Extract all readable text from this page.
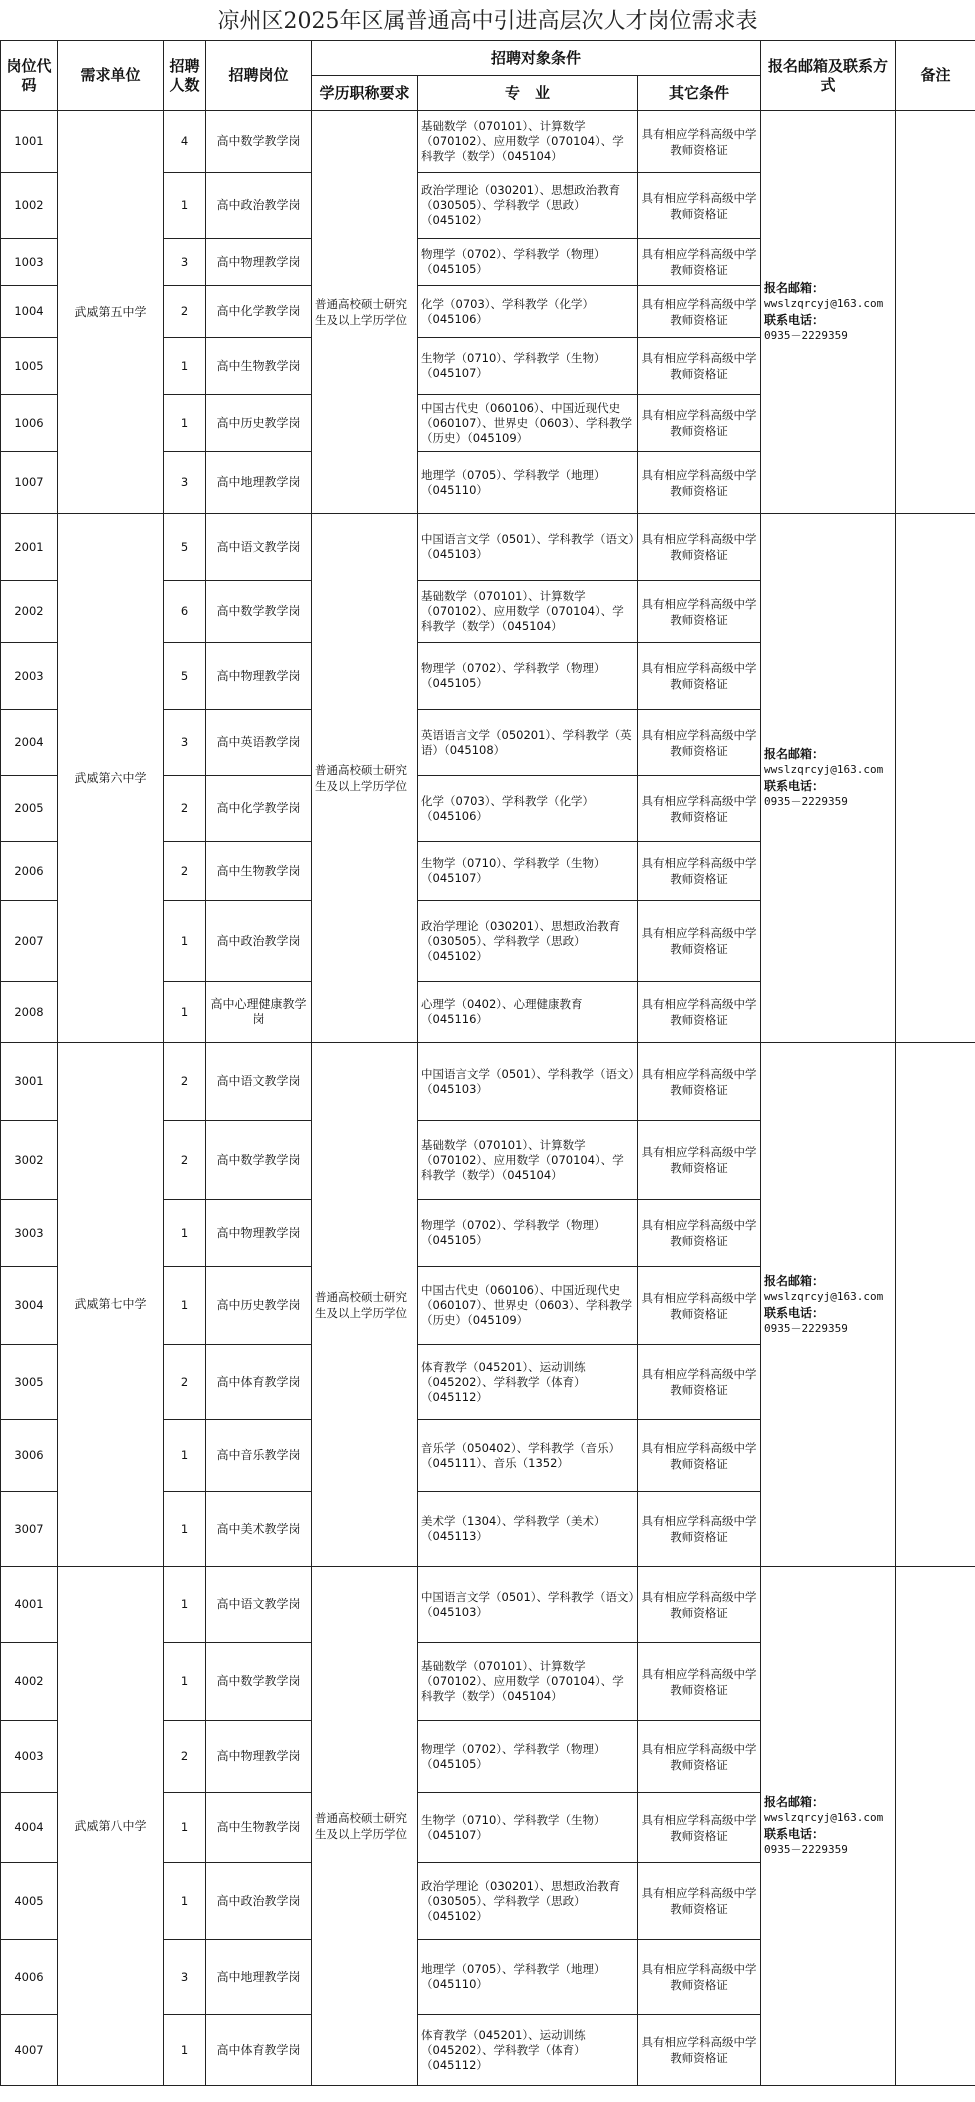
凉州区2025年区属普通高中引进高层次人才岗位需求表
岗位代码	需求单位	招聘人数	招聘岗位	招聘对象条件			报名邮箱及联系方式	备注
				学历职称要求	专　业	其它条件		
1001	武威第五中学	4	高中数学教学岗	普通高校硕士研究生及以上学历学位	基础数学（070101）、计算数学（070102）、应用数学（070104）、学科教学（数学）（045104）	具有相应学科高级中学教师资格证	报名邮箱：
wwslzqrcyj@163.com
联系电话：
0935－2229359	

1002		1	高中政治教学岗		政治学理论（030201）、思想政治教育（030505）、学科教学（思政）（045102）	具有相应学科高级中学教师资格证		
1003		3	高中物理教学岗		物理学（0702）、学科教学（物理）（045105）	具有相应学科高级中学教师资格证		
1004		2	高中化学教学岗		化学（0703）、学科教学（化学）（045106）	具有相应学科高级中学教师资格证		
1005		1	高中生物教学岗		生物学（0710）、学科教学（生物）（045107）	具有相应学科高级中学教师资格证		
1006		1	高中历史教学岗		中国古代史（060106）、中国近现代史（060107）、世界史（0603）、学科教学（历史）（045109）	具有相应学科高级中学教师资格证		
1007		3	高中地理教学岗		地理学（0705）、学科教学（地理）（045110）	具有相应学科高级中学教师资格证		
2001	武威第六中学	5	高中语文教学岗	普通高校硕士研究生及以上学历学位	中国语言文学（0501）、学科教学（语文）（045103）	具有相应学科高级中学教师资格证	报名邮箱：
wwslzqrcyj@163.com
联系电话：
0935－2229359	

2002		6	高中数学教学岗		基础数学（070101）、计算数学（070102）、应用数学（070104）、学科教学（数学）（045104）	具有相应学科高级中学教师资格证		
2003		5	高中物理教学岗		物理学（0702）、学科教学（物理）（045105）	具有相应学科高级中学教师资格证		
2004		3	高中英语教学岗		英语语言文学（050201）、学科教学（英语）（045108）	具有相应学科高级中学教师资格证		
2005		2	高中化学教学岗		化学（0703）、学科教学（化学）（045106）	具有相应学科高级中学教师资格证		
2006		2	高中生物教学岗		生物学（0710）、学科教学（生物）（045107）	具有相应学科高级中学教师资格证		
2007		1	高中政治教学岗		政治学理论（030201）、思想政治教育（030505）、学科教学（思政）（045102）	具有相应学科高级中学教师资格证		
2008		1	高中心理健康教学岗		心理学（0402）、心理健康教育（045116）	具有相应学科高级中学教师资格证		
3001	武威第七中学	2	高中语文教学岗	普通高校硕士研究生及以上学历学位	中国语言文学（0501）、学科教学（语文）（045103）	具有相应学科高级中学教师资格证	报名邮箱：
wwslzqrcyj@163.com
联系电话：
0935－2229359	

3002		2	高中数学教学岗		基础数学（070101）、计算数学（070102）、应用数学（070104）、学科教学（数学）（045104）	具有相应学科高级中学教师资格证		
3003		1	高中物理教学岗		物理学（0702）、学科教学（物理）（045105）	具有相应学科高级中学教师资格证		
3004		1	高中历史教学岗		中国古代史（060106）、中国近现代史（060107）、世界史（0603）、学科教学（历史）（045109）	具有相应学科高级中学教师资格证		
3005		2	高中体育教学岗		体育教学（045201）、运动训练（045202）、学科教学（体育）（045112）	具有相应学科高级中学教师资格证		
3006		1	高中音乐教学岗		音乐学（050402）、学科教学（音乐）（045111）、音乐（1352）	具有相应学科高级中学教师资格证		
3007		1	高中美术教学岗		美术学（1304）、学科教学（美术）（045113）	具有相应学科高级中学教师资格证		
4001	武威第八中学	1	高中语文教学岗	普通高校硕士研究生及以上学历学位	中国语言文学（0501）、学科教学（语文）（045103）	具有相应学科高级中学教师资格证	报名邮箱：
wwslzqrcyj@163.com
联系电话：
0935－2229359	

4002		1	高中数学教学岗		基础数学（070101）、计算数学（070102）、应用数学（070104）、学科教学（数学）（045104）	具有相应学科高级中学教师资格证		
4003		2	高中物理教学岗		物理学（0702）、学科教学（物理）（045105）	具有相应学科高级中学教师资格证		
4004		1	高中生物教学岗		生物学（0710）、学科教学（生物）（045107）	具有相应学科高级中学教师资格证		
4005		1	高中政治教学岗		政治学理论（030201）、思想政治教育（030505）、学科教学（思政）（045102）	具有相应学科高级中学教师资格证		
4006		3	高中地理教学岗		地理学（0705）、学科教学（地理）（045110）	具有相应学科高级中学教师资格证		
4007		1	高中体育教学岗		体育教学（045201）、运动训练（045202）、学科教学（体育）（045112）	具有相应学科高级中学教师资格证		
